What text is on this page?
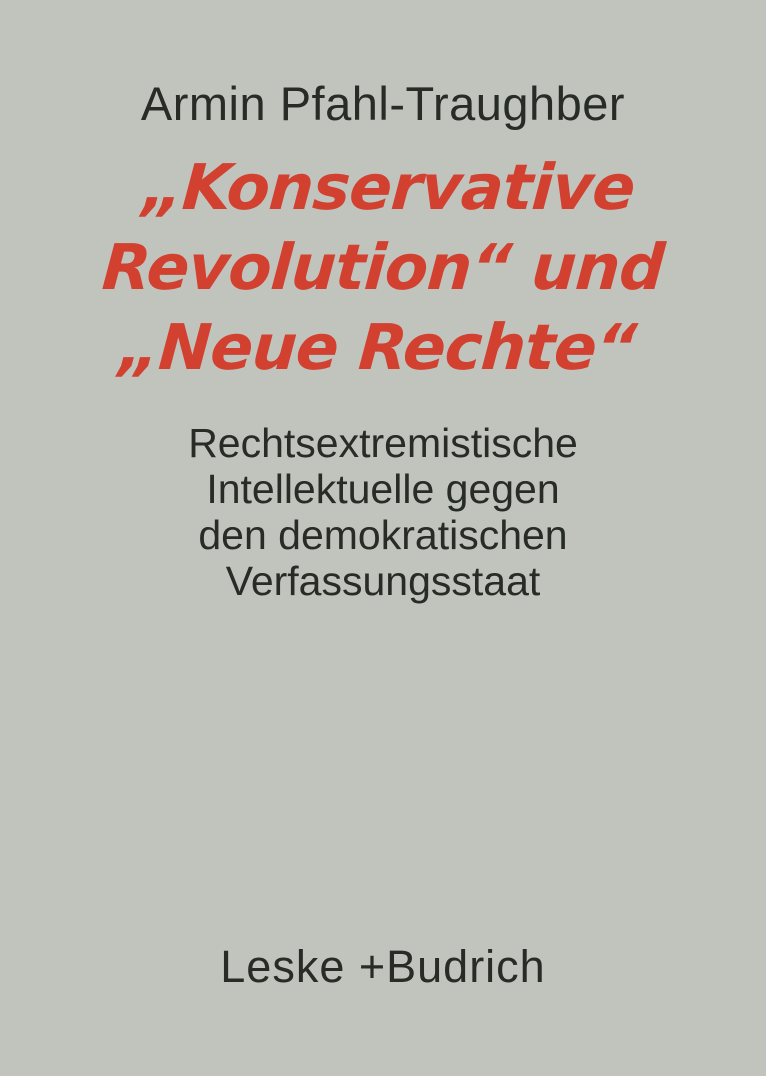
Armin Pfahl-Traughber
„Konservative
Revolution“ und
„Neue Rechte“
Rechtsextremistische
Intellektuelle gegen
den demokratischen
Verfassungsstaat
Leske +Budrich
